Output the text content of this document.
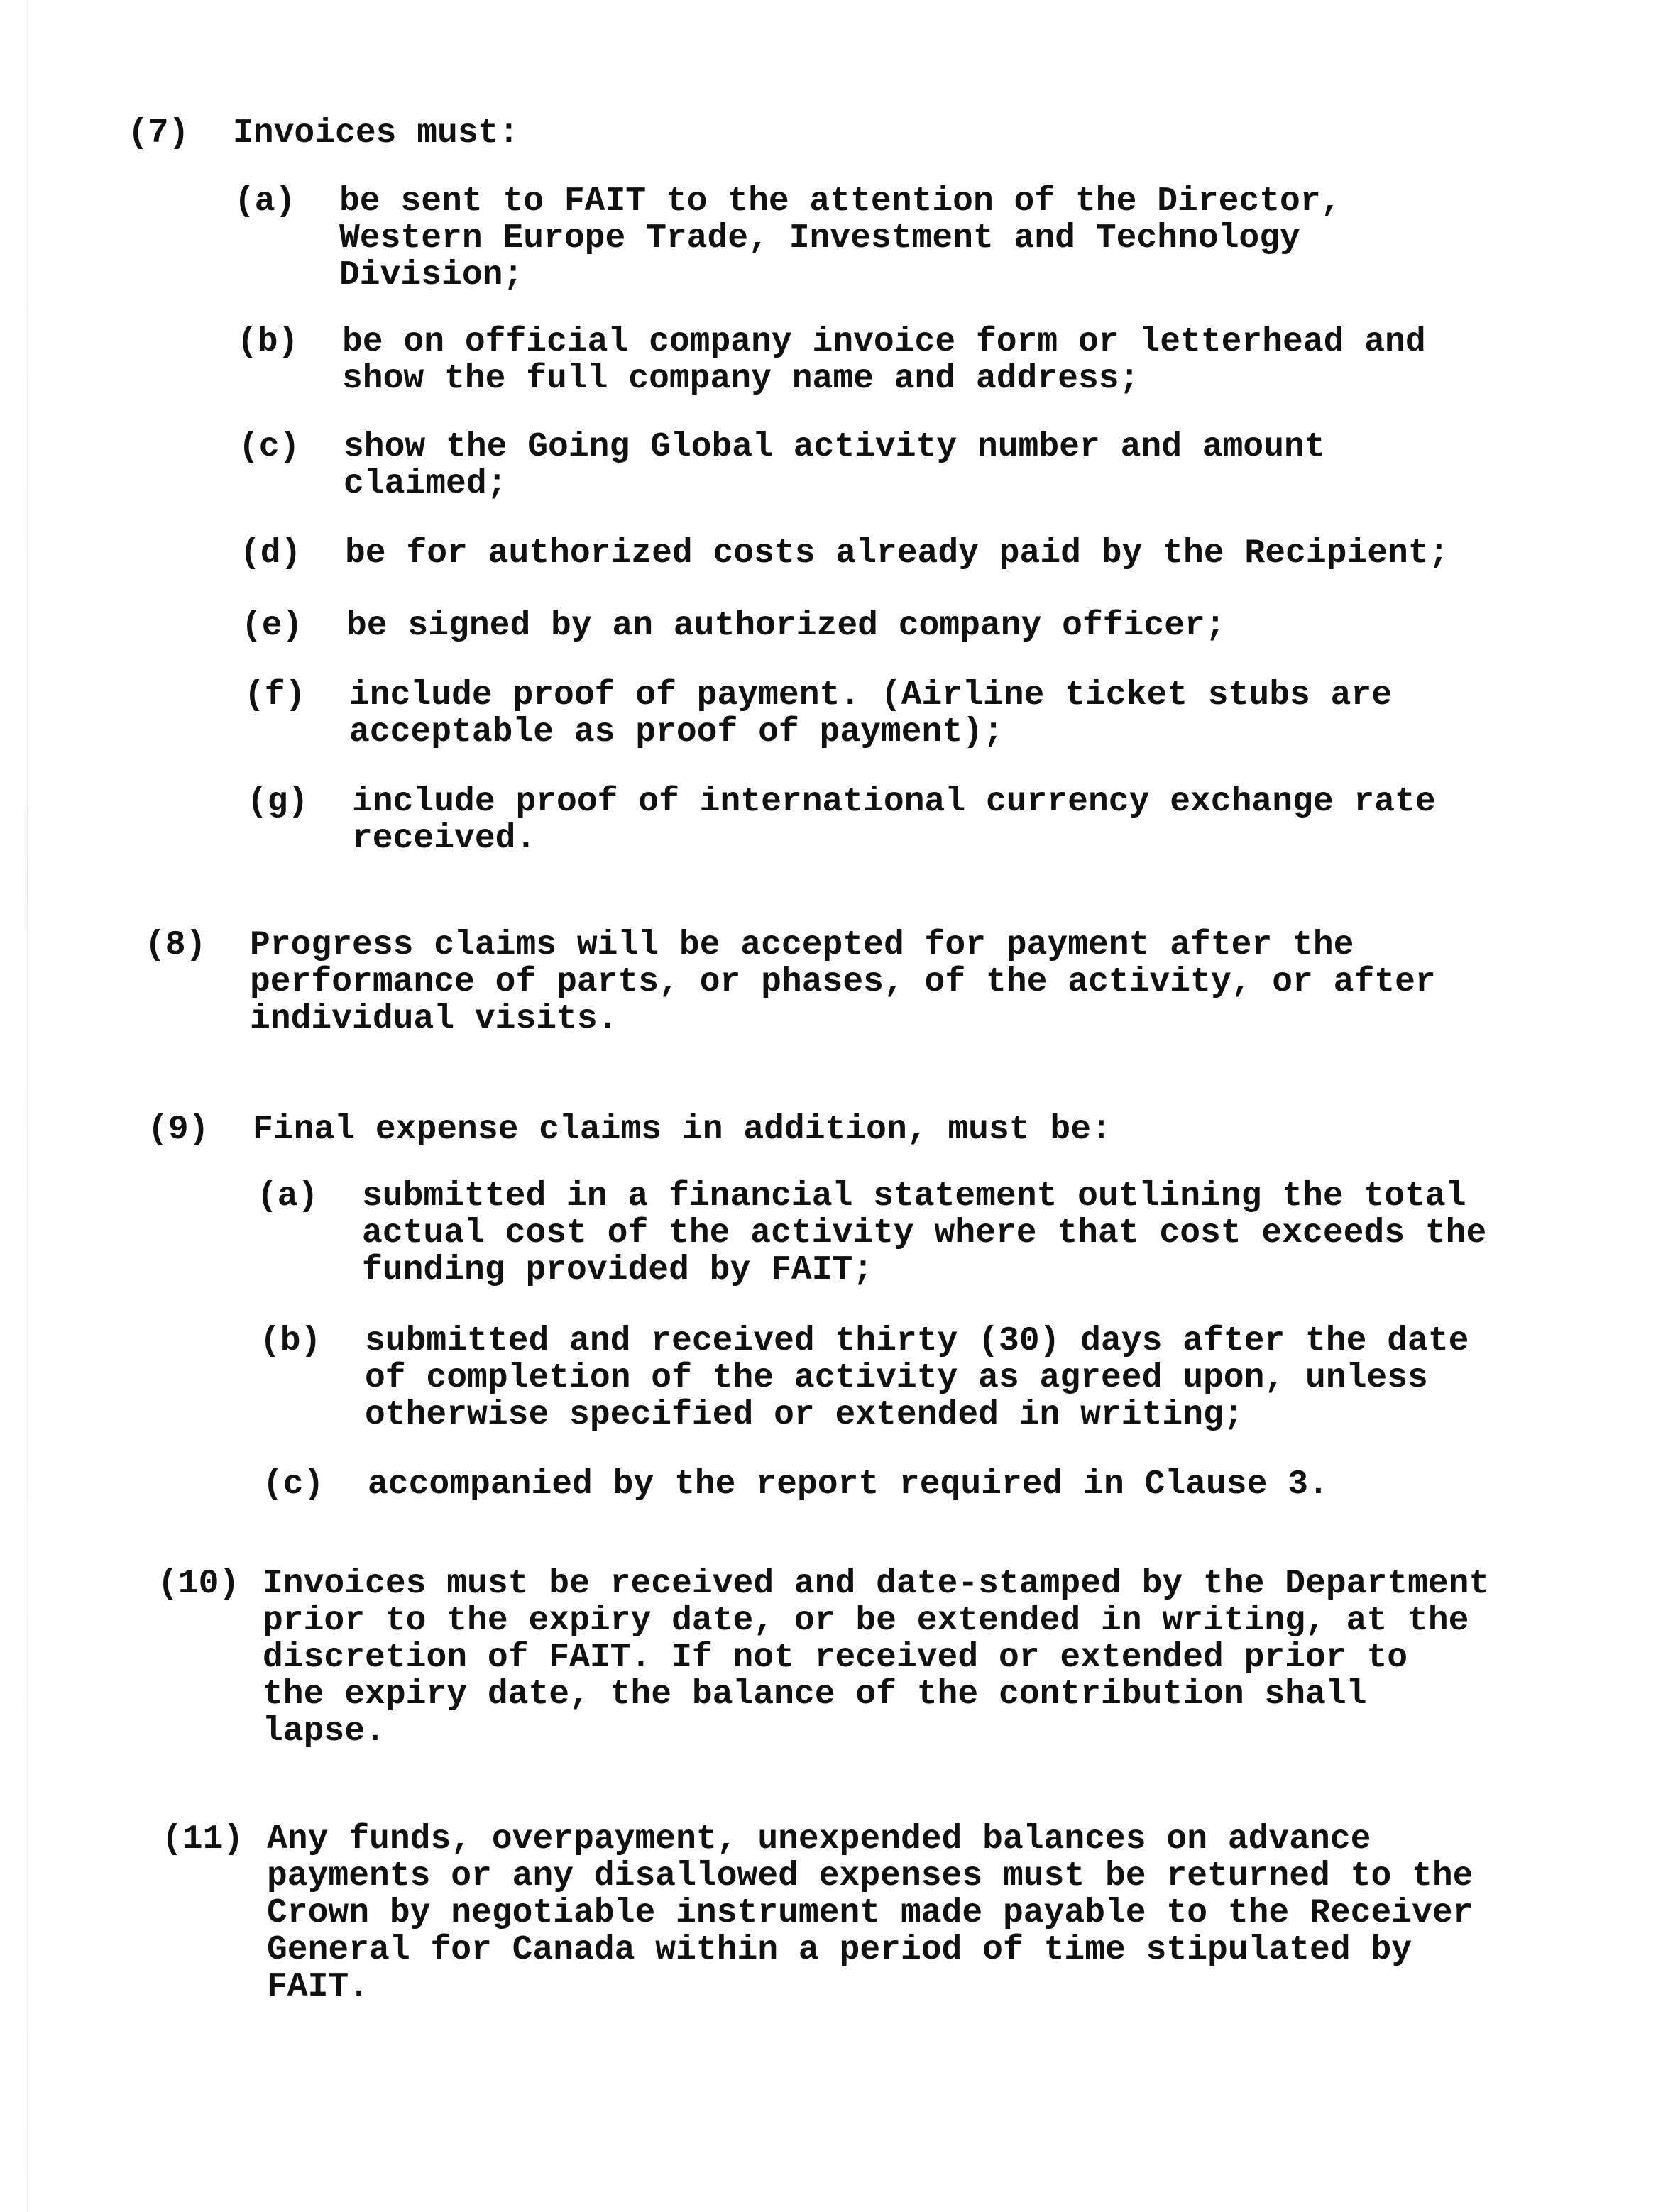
(7) Invoices must:
(a) be sent to FAIT to the attention of the Director,
Western Europe Trade, Investment and Technology
Division;
(b) be on official company invoice form or letterhead and
show the full company name and address;
(c) show the Going Global activity number and amount
claimed;
(d) be for authorized costs already paid by the Recipient;
(e) be signed by an authorized company officer;
(f) include proof of payment. (Airline ticket stubs are
acceptable as proof of payment);
(g) include proof of international currency exchange rate
received.
(8) Progress claims will be accepted for payment after the
performance of parts, or phases, of the activity, or after
individual visits.
(9) Final expense claims in addition, must be:
(a) submitted in a financial statement outlining the total
actual cost of the activity where that cost exceeds the
funding provided by FAIT;
(b) submitted and received thirty (30) days after the date
of completion of the activity as agreed upon, unless
otherwise specified or extended in writing;
(c) accompanied by the report required in Clause 3.
(10) Invoices must be received and date-stamped by the Department
prior to the expiry date, or be extended in writing, at the
discretion of FAIT. If not received or extended prior to
the expiry date, the balance of the contribution shall
lapse.
(11) Any funds, overpayment, unexpended balances on advance
payments or any disallowed expenses must be returned to the
Crown by negotiable instrument made payable to the Receiver
General for Canada within a period of time stipulated by
FAIT.
